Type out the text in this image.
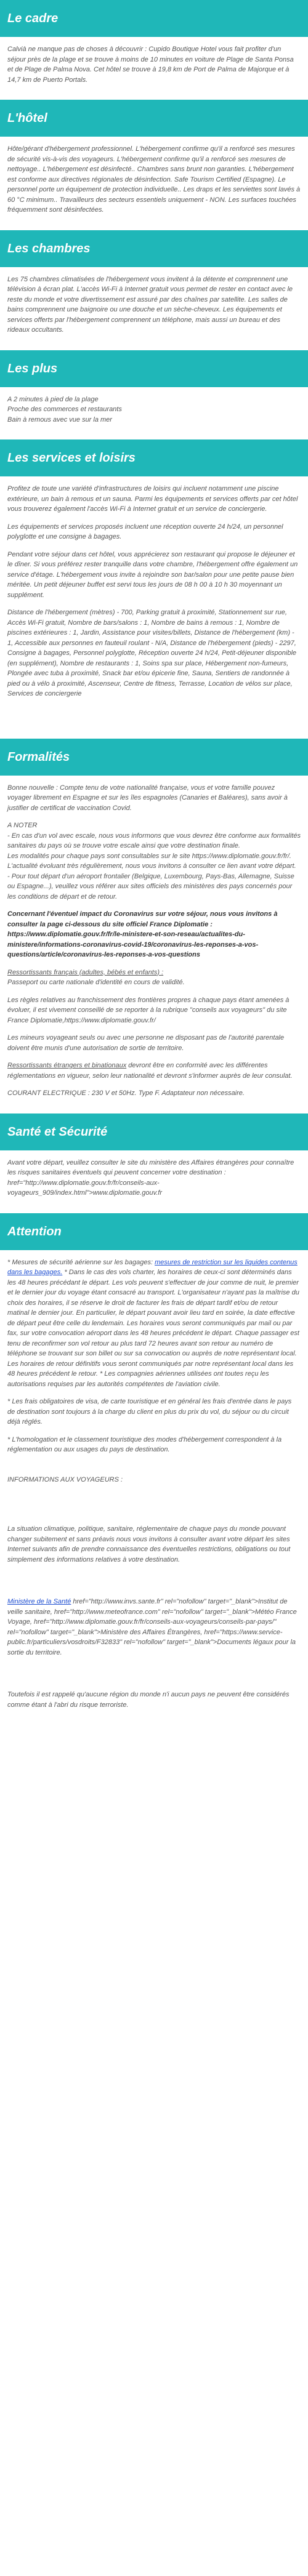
Le cadre

Calvià ne manque pas de choses à découvrir : Cupido Boutique Hotel vous fait profiter d'un séjour près de la plage et se trouve à moins de 10 minutes en voiture de Plage de Santa Ponsa et de Plage de Palma Nova. Cet hôtel se trouve à 19,8 km de Port de Palma de Majorque et à 14,7 km de Puerto Portals.

L'hôtel

Hôte/gérant d'hébergement professionnel. L'hébergement confirme qu'il a renforcé ses mesures de sécurité vis-à-vis des voyageurs. L'hébergement confirme qu'il a renforcé ses mesures de nettoyage.. L'hébergement est désinfecté.. Chambres sans brunt non garanties. L'hébergement est conforme aux directives régionales de désinfection. Safe Tourism Certified (Espagne). Le personnel porte un équipement de protection individuelle.. Les draps et les serviettes sont lavés à 60 °C minimum.. Travailleurs des secteurs essentiels uniquement - NON. Les surfaces touchées fréquemment sont désinfectées.

Les chambres

Les 75 chambres climatisées de l'hébergement vous invitent à la détente et comprennent une télévision à écran plat. L'accès Wi-Fi à Internet gratuit vous permet de rester en contact avec le reste du monde et votre divertissement est assuré par des chaînes par satellite. Les salles de bains comprennent une baignoire ou une douche et un sèche-cheveux. Les équipements et services offerts par l'hébergement comprennent un téléphone, mais aussi un bureau et des rideaux occultants.

Les plus

A 2 minutes à pied de la plage
Proche des commerces et restaurants
Bain à remous avec vue sur la mer

Les services et loisirs

Profitez de toute une variété d'infrastructures de loisirs qui incluent notamment une piscine extérieure, un bain à remous et un sauna. Parmi les équipements et services offerts par cet hôtel vous trouverez également l'accès Wi-Fi à Internet gratuit et un service de conciergerie.

Les équipements et services proposés incluent une réception ouverte 24 h/24, un personnel polyglotte et une consigne à bagages.

Pendant votre séjour dans cet hôtel, vous apprécierez son restaurant qui propose le déjeuner et le dîner. Si vous préférez rester tranquille dans votre chambre, l'hébergement offre également un service d'étage. L'hébergement vous invite à rejoindre son bar/salon pour une petite pause bien méritée. Un petit déjeuner buffet est servi tous les jours de 08 h 00 à 10 h 30 moyennant un supplément.

Distance de l'hébergement (mètres) - 700, Parking gratuit à proximité, Stationnement sur rue, Accès Wi-Fi gratuit, Nombre de bars/salons : 1, Nombre de bains à remous : 1, Nombre de piscines extérieures : 1, Jardin, Assistance pour visites/billets, Distance de l'hébergement (km) - 1, Accessible aux personnes en fauteuil roulant - N/A, Distance de l'hébergement (pieds) - 2297, Consigne à bagages, Personnel polyglotte, Réception ouverte 24 h/24, Petit-déjeuner disponible (en supplément), Nombre de restaurants : 1, Soins spa sur place, Hébergement non-fumeurs, Plongée avec tuba à proximité, Snack bar et/ou épicerie fine, Sauna, Sentiers de randonnée à pied ou à vélo à proximité, Ascenseur, Centre de fitness, Terrasse, Location de vélos sur place, Services de conciergerie

Formalités

Bonne nouvelle : Compte tenu de votre nationalité française, vous et votre famille pouvez voyager librement en Espagne et sur les îles espagnoles (Canaries et Baléares), sans avoir à justifier de certificat de vaccination Covid.

A NOTER
- En cas d'un vol avec escale, nous vous informons que vous devrez être conforme aux formalités sanitaires du pays où se trouve votre escale ainsi que votre destination finale.
Les modalités pour chaque pays sont consultables sur le site https://www.diplomatie.gouv.fr/fr/. L'actualité évoluant très régulièrement, nous vous invitons à consulter ce lien avant votre départ.
- Pour tout départ d'un aéroport frontalier (Belgique, Luxembourg, Pays-Bas, Allemagne, Suisse ou Espagne...), veuillez vous référer aux sites officiels des ministères des pays concernés pour les conditions de départ et de retour.

Concernant l'éventuel impact du Coronavirus sur votre séjour, nous vous invitons à consulter la page ci-dessous du site officiel France Diplomatie : https://www.diplomatie.gouv.fr/fr/le-ministere-et-son-reseau/actualites-du-ministere/informations-coronavirus-covid-19/coronavirus-les-reponses-a-vos-questions/article/coronavirus-les-reponses-a-vos-questions

Ressortissants français (adultes, bébés et enfants) :
Passeport ou carte nationale d'identité en cours de validité.

Les règles relatives au franchissement des frontières propres à chaque pays étant amenées à évoluer, il est vivement conseillé de se reporter à la rubrique "conseils aux voyageurs" du site France Diplomatie,https://www.diplomatie.gouv.fr/

Les mineurs voyageant seuls ou avec une personne ne disposant pas de l'autorité parentale doivent être munis d'une autorisation de sortie de territoire.

Ressortissants étrangers et binationaux devront être en conformité avec les différentes réglementations en vigueur, selon leur nationalité et devront s'informer auprès de leur consulat.

COURANT ELECTRIQUE : 230 V et 50Hz. Type F. Adaptateur non nécessaire.

Santé et Sécurité

Avant votre départ, veuillez consulter le site du ministère des Affaires étrangères pour connaître les risques sanitaires éventuels qui peuvent concerner votre destination : href="http://www.diplomatie.gouv.fr/fr/conseils-aux-voyageurs_909/index.html">www.diplomatie.gouv.fr

Attention

* Mesures de sécurité aérienne sur les bagages: mesures de restriction sur les liquides contenus dans les bagages. * Dans le cas des vols charter, les horaires de ceux-ci sont déterminés dans les 48 heures précédant le départ. Les vols peuvent s'effectuer de jour comme de nuit, le premier et le dernier jour du voyage étant consacré au transport. L'organisateur n'ayant pas la maîtrise du choix des horaires, il se réserve le droit de facturer les frais de départ tardif et/ou de retour matinal le dernier jour. En particulier, le départ pouvant avoir lieu tard en soirée, la date effective de départ peut être celle du lendemain. Les horaires vous seront communiqués par mail ou par fax, sur votre convocation aéroport dans les 48 heures précédent le départ. Chaque passager est tenu de reconfirmer son vol retour au plus tard 72 heures avant son retour au numéro de téléphone se trouvant sur son billet ou sur sa convocation ou auprès de notre représentant local. Les horaires de retour définitifs vous seront communiqués par notre représentant local dans les 48 heures précédent le retour. * Les compagnies aériennes utilisées ont toutes reçu les autorisations requises par les autorités compétentes de l'aviation civile.

* Les frais obligatoires de visa, de carte touristique et en général les frais d'entrée dans le pays de destination sont toujours à la charge du client en plus du prix du vol, du séjour ou du circuit déjà réglés.

* L'homologation et le classement touristique des modes d'hébergement correspondent à la réglementation ou aux usages du pays de destination.

INFORMATIONS AUX VOYAGEURS :

La situation climatique, politique, sanitaire, réglementaire de chaque pays du monde pouvant changer subitement et sans préavis nous vous invitons à consulter avant votre départ les sites Internet suivants afin de prendre connaissance des éventuelles restrictions, obligations ou tout simplement des informations relatives à votre destination.

Ministère de la Santé href="http://www.invs.sante.fr" rel="nofollow" target="_blank">Institut de veille sanitaire, href="http://www.meteofrance.com" rel="nofollow" target="_blank">Météo France Voyage, href="http://www.diplomatie.gouv.fr/fr/conseils-aux-voyageurs/conseils-par-pays/" rel="nofollow" target="_blank">Ministère des Affaires Étrangères, href="https://www.service-public.fr/particuliers/vosdroits/F32833" rel="nofollow" target="_blank">Documents légaux pour la sortie du territoire.

Toutefois il est rappelé qu'aucune région du monde n'i aucun pays ne peuvent être considérés comme étant à l'abri du risque terroriste.
